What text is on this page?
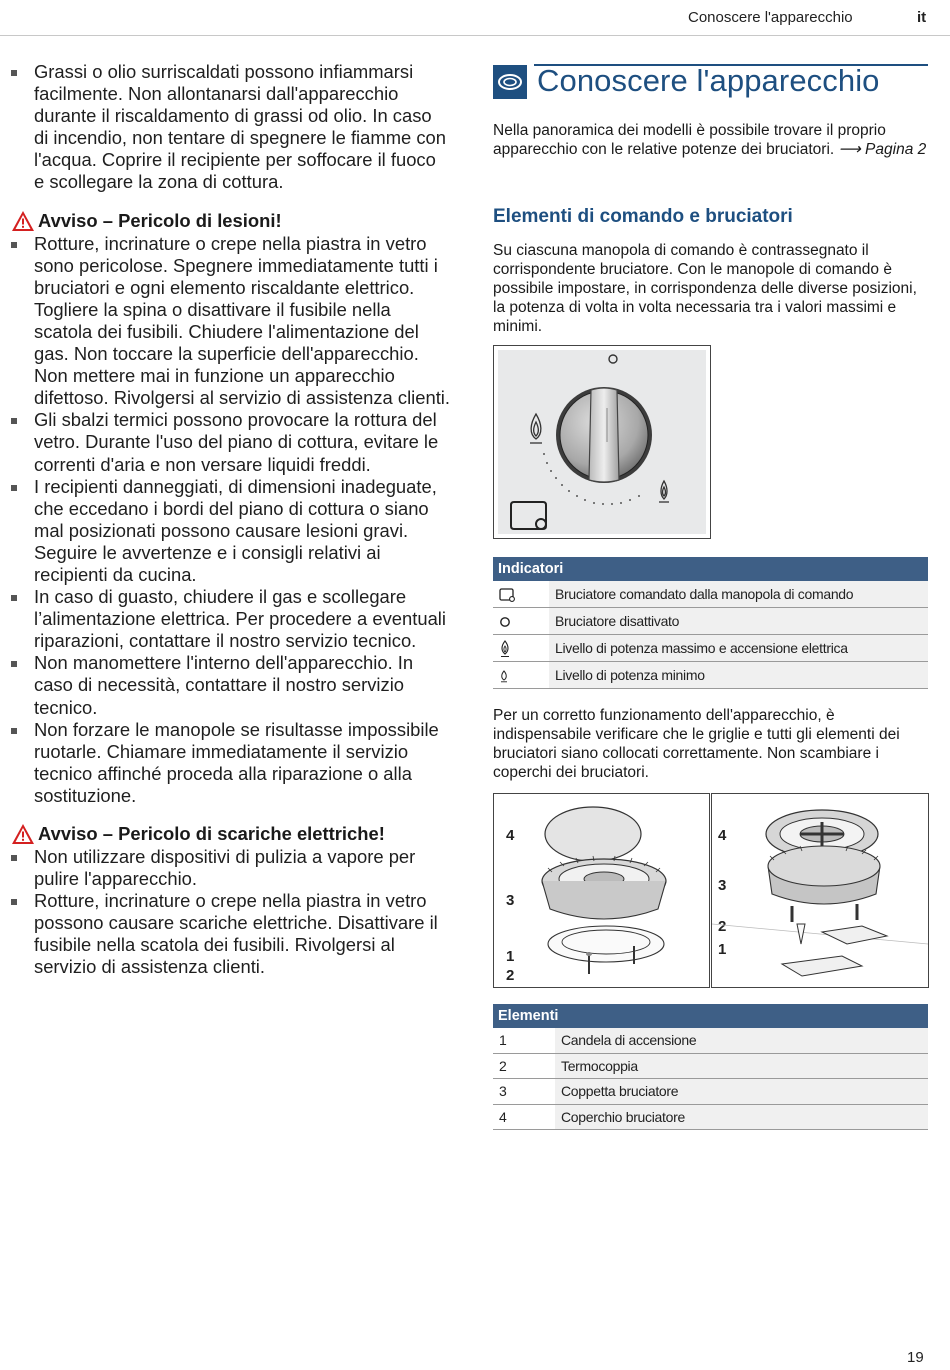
Conoscere l'apparecchio	it
Grassi o olio surriscaldati possono infiammarsi facilmente. Non allontanarsi dall'apparecchio durante il riscaldamento di grassi od olio. In caso di incendio, non tentare di spegnere le fiamme con l'acqua. Coprire il recipiente per soffocare il fuoco e scollegare la zona di cottura.
Avviso – Pericolo di lesioni!
Rotture, incrinature o crepe nella piastra in vetro sono pericolose. Spegnere immediatamente tutti i bruciatori e ogni elemento riscaldante elettrico. Togliere la spina o disattivare il fusibile nella scatola dei fusibili. Chiudere l'alimentazione del gas. Non toccare la superficie dell'apparecchio. Non mettere mai in funzione un apparecchio difettoso. Rivolgersi al servizio di assistenza clienti.
Gli sbalzi termici possono provocare la rottura del vetro. Durante l'uso del piano di cottura, evitare le correnti d'aria e non versare liquidi freddi.
I recipienti danneggiati, di dimensioni inadeguate, che eccedano i bordi del piano di cottura o siano mal posizionati possono causare lesioni gravi. Seguire le avvertenze e i consigli relativi ai recipienti da cucina.
In caso di guasto, chiudere il gas e scollegare l’alimentazione elettrica. Per procedere a eventuali riparazioni, contattare il nostro servizio tecnico.
Non manomettere l'interno dell'apparecchio. In caso di necessità, contattare il nostro servizio tecnico.
Non forzare le manopole se risultasse impossibile ruotarle. Chiamare immediatamente il servizio tecnico affinché proceda alla riparazione o alla sostituzione.
Avviso – Pericolo di scariche elettriche!
Non utilizzare dispositivi di pulizia a vapore per pulire l'apparecchio.
Rotture, incrinature o crepe nella piastra in vetro possono causare scariche elettriche. Disattivare il fusibile nella scatola dei fusibili. Rivolgersi al servizio di assistenza clienti.
Conoscere l'apparecchio
Nella panoramica dei modelli è possibile trovare il proprio apparecchio con le relative potenze dei bruciatori. ⟶ Pagina 2
Elementi di comando e bruciatori
Su ciascuna manopola di comando è contrassegnato il corrispondente bruciatore. Con le manopole di comando è possibile impostare, in corrispondenza delle diverse posizioni, la potenza di volta in volta necessaria tra i valori massimi e minimi.
Indicatori
Bruciatore comandato dalla manopola di comando
Bruciatore disattivato
Livello di potenza massimo e accensione elettrica
Livello di potenza minimo
Per un corretto funzionamento dell'apparecchio, è indispensabile verificare che le griglie e tutti gli elementi dei bruciatori siano collocati correttamente. Non scambiare i coperchi dei bruciatori.
4
3
1
2
4
3
2
1
Elementi
1	Candela di accensione
2	Termocoppia
3	Coppetta bruciatore
4	Coperchio bruciatore
19
